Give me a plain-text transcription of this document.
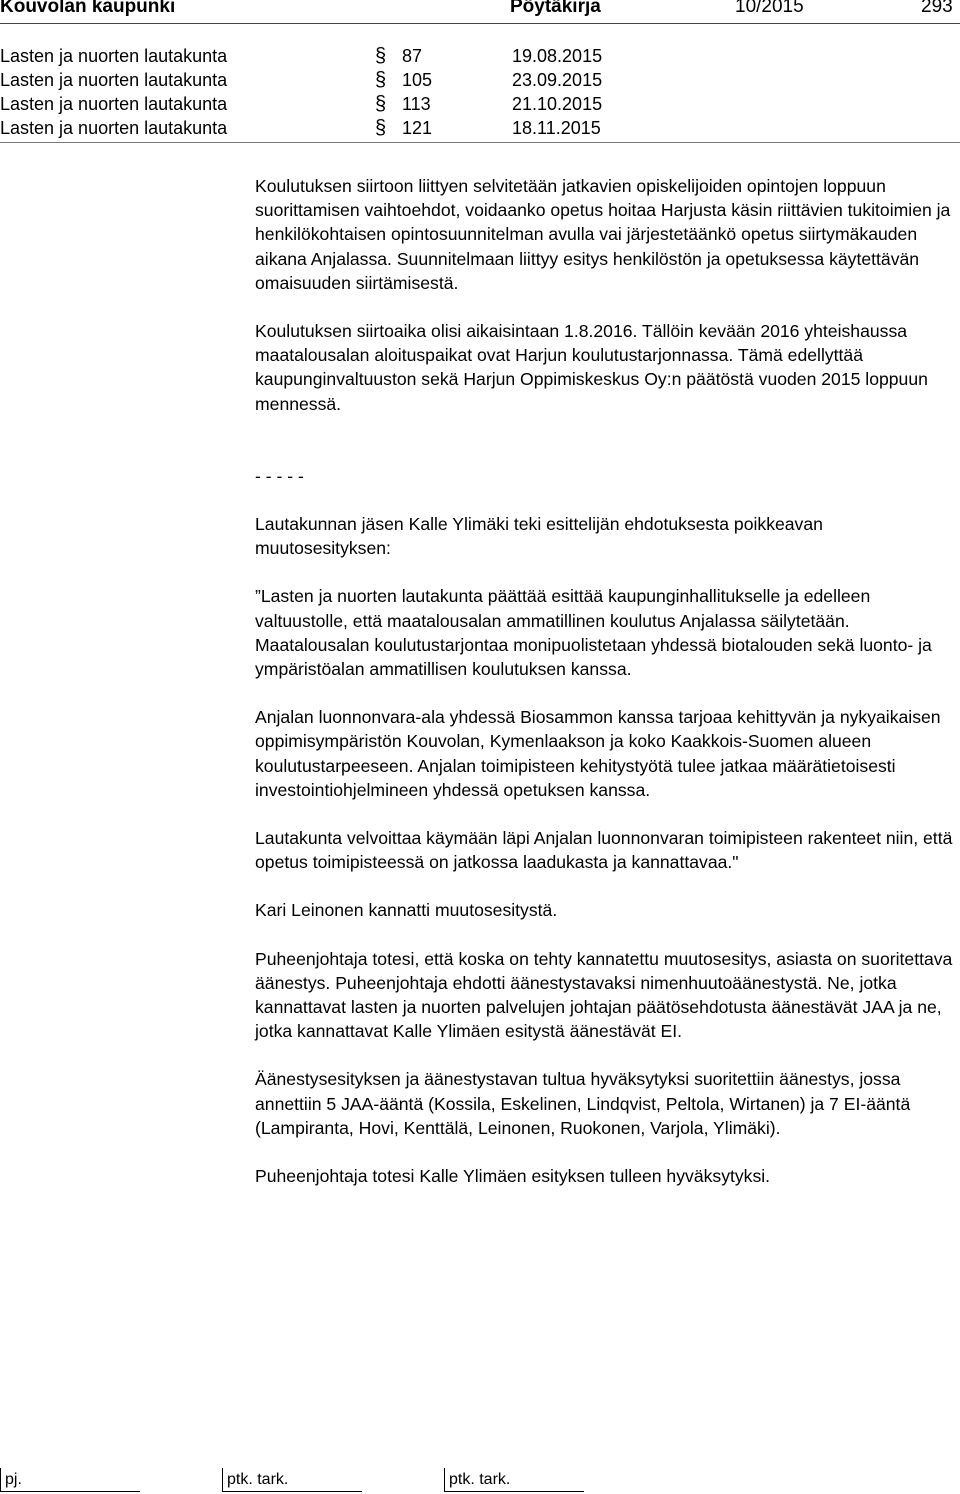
Kouvolan kaupunki	Pöytäkirja	10/2015	293
Lasten ja nuorten lautakunta	§ 87	19.08.2015
Lasten ja nuorten lautakunta	§ 105	23.09.2015
Lasten ja nuorten lautakunta	§ 113	21.10.2015
Lasten ja nuorten lautakunta	§ 121	18.11.2015

Koulutuksen siirtoon liittyen selvitetään jatkavien opiskelijoiden opintojen loppuun suorittamisen vaihtoehdot, voidaanko opetus hoitaa Harjusta käsin riittävien tukitoimien ja henkilökohtaisen opintosuunnitelman avulla vai järjestetäänkö opetus siirtymäkauden aikana Anjalassa. Suunnitelmaan liittyy esitys henkilöstön ja opetuksessa käytettävän omaisuuden siirtämisestä.

Koulutuksen siirtoaika olisi aikaisintaan 1.8.2016. Tällöin kevään 2016 yhteishaussa maatalousalan aloituspaikat ovat Harjun koulutustarjonnassa. Tämä edellyttää kaupunginvaltuuston sekä Harjun Oppimiskeskus Oy:n päätöstä vuoden 2015 loppuun mennessä.

- - - - -

Lautakunnan jäsen Kalle Ylimäki teki esittelijän ehdotuksesta poikkeavan muutosesityksen:

”Lasten ja nuorten lautakunta päättää esittää kaupunginhallitukselle ja edelleen valtuustolle, että maatalousalan ammatillinen koulutus Anjalassa säilytetään. Maatalousalan koulutustarjontaa monipuolistetaan yhdessä biotalouden sekä luonto- ja ympäristöalan ammatillisen koulutuksen kanssa.

Anjalan luonnonvara-ala yhdessä Biosammon kanssa tarjoaa kehittyvän ja nykyaikaisen oppimisympäristön Kouvolan, Kymenlaakson ja koko Kaakkois-Suomen alueen koulutustarpeeseen. Anjalan toimipisteen kehitystyötä tulee jatkaa määrätietoisesti investointiohjelmineen yhdessä opetuksen kanssa.

Lautakunta velvoittaa käymään läpi Anjalan luonnonvaran toimipisteen rakenteet niin, että opetus toimipisteessä on jatkossa laadukasta ja kannattavaa."

Kari Leinonen kannatti muutosesitystä.

Puheenjohtaja totesi, että koska on tehty kannatettu muutosesitys, asiasta on suoritettava äänestys. Puheenjohtaja ehdotti äänestystavaksi nimenhuutoäänestystä. Ne, jotka kannattavat lasten ja nuorten palvelujen johtajan päätösehdotusta äänestävät JAA ja ne, jotka kannattavat Kalle Ylimäen esitystä äänestävät EI.

Äänestysesityksen ja äänestystavan tultua hyväksytyksi suoritettiin äänestys, jossa annettiin 5 JAA-ääntä (Kossila, Eskelinen, Lindqvist, Peltola, Wirtanen) ja 7 EI-ääntä (Lampiranta, Hovi, Kenttälä, Leinonen, Ruokonen, Varjola, Ylimäki).

Puheenjohtaja totesi Kalle Ylimäen esityksen tulleen hyväksytyksi.

pj.	ptk. tark.	ptk. tark.
